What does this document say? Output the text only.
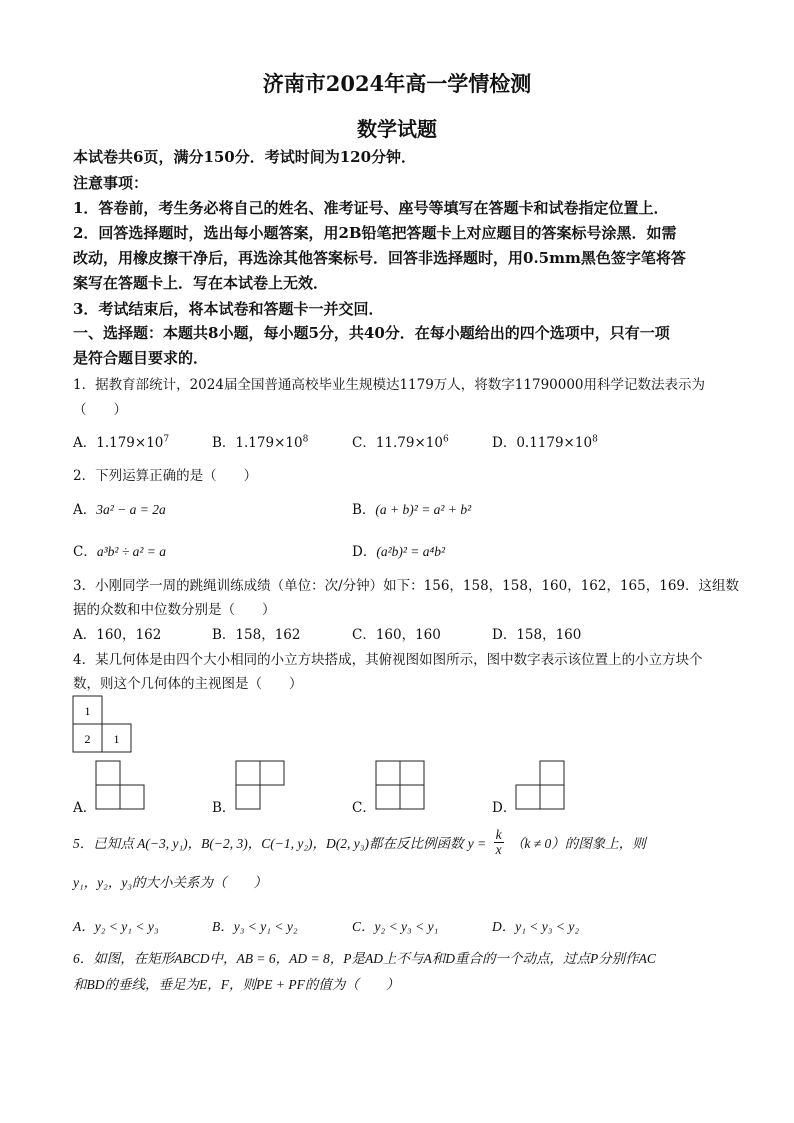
济南市2024年高一学情检测
数学试题
本试卷共6页，满分150分．考试时间为120分钟．
注意事项：
1．答卷前，考生务必将自己的姓名、准考证号、座号等填写在答题卡和试卷指定位置上．
2．回答选择题时，选出每小题答案，用2B铅笔把答题卡上对应题目的答案标号涂黑．如需
改动，用橡皮擦干净后，再选涂其他答案标号．回答非选择题时，用0.5mm黑色签字笔将答
案写在答题卡上．写在本试卷上无效．
3．考试结束后，将本试卷和答题卡一并交回．
一、选择题：本题共8小题，每小题5分，共40分．在每小题给出的四个选项中，只有一项
是符合题目要求的．
1．据教育部统计，2024届全国普通高校毕业生规模达1179万人，将数字11790000用科学记数法表示为
（　　）
A．$1.179\times 10^7$	B．$1.179\times 10^8$	C．$11.79\times 10^6$	D．$0.1179\times 10^8$
2．下列运算正确的是（　　）
A．3a² − a = 2a	B．(a + b)² = a² + b²
C．a³b² ÷ a² = a	D．(a²b)² = a⁴b²
3．小刚同学一周的跳绳训练成绩（单位：次/分钟）如下：156，158，158，160，162，165，169．这组数
据的众数和中位数分别是（　　）
A．160，162	B．158，162	C．160，160	D．158，160
4．某几何体是由四个大小相同的小立方块搭成，其俯视图如图所示，图中数字表示该位置上的小立方块个
数，则这个几何体的主视图是（　　）
1
2 1
A．	B．	C．	D．
5．已知点 A(−3, y₁)，B(−2, 3)，C(−1, y₂)，D(2, y₃)都在反比例函数 $y = \frac{k}{x} (k \ne 0)$的图象上，则
y₁，y₂，y₃的大小关系为（　　）
A．y₂ < y₁ < y₃	B．y₃ < y₁ < y₂	C．y₂ < y₃ < y₁	D．y₁ < y₃ < y₂
6．如图，在矩形ABCD中，AB = 6，AD = 8，P是AD上不与A和D重合的一个动点，过点P分别作AC
和BD的垂线，垂足为E，F，则PE + PF的值为（　　）
